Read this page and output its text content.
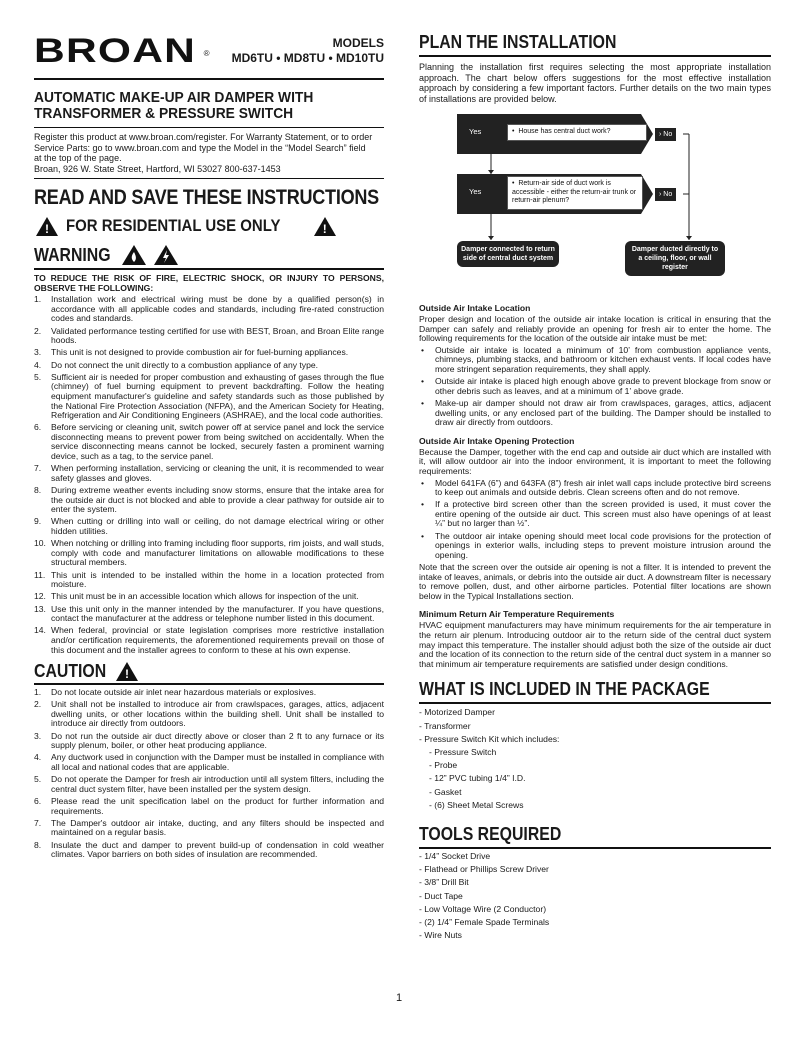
BROAN ®
MODELS
MD6TU • MD8TU • MD10TU
AUTOMATIC MAKE-UP AIR DAMPER WITH
TRANSFORMER & PRESSURE SWITCH
Register this product at www.broan.com/register. For Warranty Statement, or to order
Service Parts: go to www.broan.com and type the Model in the “Model Search” field
at the top of the page.
Broan, 926 W. State Street, Hartford, WI 53027 800-637-1453
READ AND SAVE THESE INSTRUCTIONS
!
FOR RESIDENTIAL USE ONLY
!
WARNING
TO REDUCE THE RISK OF FIRE, ELECTRIC SHOCK, OR INJURY TO PERSONS, OBSERVE THE FOLLOWING:
1. Installation work and electrical wiring must be done by a qualified person(s) in accordance with all applicable codes and standards, including fire-rated construction codes and standards.
2. Validated performance testing certified for use with BEST, Broan, and Broan Elite range hoods.
3. This unit is not designed to provide combustion air for fuel-burning appliances.
4. Do not connect the unit directly to a combustion appliance of any type.
5. Sufficient air is needed for proper combustion and exhausting of gases through the flue (chimney) of fuel burning equipment to prevent backdrafting. Follow the heating equipment manufacturer's guideline and safety standards such as those published by the National Fire Protection Association (NFPA), and the American Society for Heating, Refrigeration and Air Conditioning Engineers (ASHRAE), and the local code authorities.
6. Before servicing or cleaning unit, switch power off at service panel and lock the service disconnecting means to prevent power from being switched on accidentally. When the service disconnecting means cannot be locked, securely fasten a prominent warning device, such as a tag, to the service panel.
7. When performing installation, servicing or cleaning the unit, it is recommended to wear safety glasses and gloves.
8. During extreme weather events including snow storms, ensure that the intake area for the outside air duct is not blocked and able to provide a clear pathway for outside air to enter the system.
9. When cutting or drilling into wall or ceiling, do not damage electrical wiring or other hidden utilities.
10. When notching or drilling into framing including floor supports, rim joists, and wall studs, comply with code and manufacturer limitations on allowable modifications to these structural members.
11. This unit is intended to be installed within the home in a location protected from moisture.
12. This unit must be in an accessible location which allows for inspection of the unit.
13. Use this unit only in the manner intended by the manufacturer. If you have questions, contact the manufacturer at the address or telephone number listed in this document.
14. When federal, provincial or state legislation comprises more restrictive installation and/or certification requirements, the aforementioned requirements prevail on those of this document and the installer agrees to conform to these at his own expense.
CAUTION
!
1. Do not locate outside air inlet near hazardous materials or explosives.
2. Unit shall not be installed to introduce air from crawlspaces, garages, attics, adjacent dwelling units, or other locations within the building shell. Unit shall be installed to introduce air directly from outdoors.
3. Do not run the outside air duct directly above or closer than 2 ft to any furnace or its supply plenum, boiler, or other heat producing appliance.
4. Any ductwork used in conjunction with the Damper must be installed in compliance with all local and national codes that are applicable.
5. Do not operate the Damper for fresh air introduction until all system filters, including the central duct system filter, have been installed per the system design.
6. Please read the unit specification label on the product for further information and requirements.
7. The Damper's outdoor air intake, ducting, and any filters should be inspected and maintained on a regular basis.
8. Insulate the duct and damper to prevent build-up of condensation in cold weather climates. Vapor barriers on both sides of insulation are recommended.
PLAN THE INSTALLATION
Planning the installation first requires selecting the most appropriate installation approach. The chart below offers suggestions for the most effective installation approach by considering a few important factors. Further details on the two main types of installations are provided below.
Yes
Yes
•  House has central duct work?
•  Return-air side of duct work is accessible - either the return-air trunk or return-air plenum?
› No
› No
Damper connected to return side of central duct system
Damper ducted directly to a ceiling, floor, or wall register
Outside Air Intake Location
Proper design and location of the outside air intake location is critical in ensuring that the Damper can safely and reliably provide an opening for fresh air to enter the home. The following requirements for the location of the outside air intake must be met:
• Outside air intake is located a minimum of 10’ from combustion appliance vents, chimneys, plumbing stacks, and bathroom or kitchen exhaust vents. If local codes have more stringent separation requirements, they shall apply.
• Outside air intake is placed high enough above grade to prevent blockage from snow or other debris such as leaves, and at a minimum of 1’ above grade.
• Make-up air damper should not draw air from crawlspaces, garages, attics, adjacent dwelling units, or any enclosed part of the building. The Damper should be installed to draw air directly from outdoors.
Outside Air Intake Opening Protection
Because the Damper, together with the end cap and outside air duct which are installed with it, will allow outdoor air into the indoor environment, it is important to meet the following requirements:
• Model 641FA (6”) and 643FA (8”) fresh air inlet wall caps include protective bird screens to keep out animals and outside debris. Clean screens often and do not remove.
• If a protective bird screen other than the screen provided is used, it must cover the entire opening of the outside air duct. This screen must also have openings of at least ¼” but no larger than ½”.
• The outdoor air intake opening should meet local code provisions for the protection of openings in exterior walls, including steps to prevent moisture intrusion around the opening.
Note that the screen over the outside air opening is not a filter. It is intended to prevent the intake of leaves, animals, or debris into the outside air duct. A downstream filter is necessary to remove pollen, dust, and other airborne particles. Potential filter locations are shown below in the Typical Installations section.
Minimum Return Air Temperature Requirements
HVAC equipment manufacturers may have minimum requirements for the air temperature in the return air plenum. Introducing outdoor air to the return side of the central duct system may impact this temperature. The installer should adjust both the size of the outside air duct and the location of its connection to the return side of the central duct system in a manner so that minimum air temperature requirements are satisfied under design conditions.
WHAT IS INCLUDED IN THE PACKAGE
- Motorized Damper
- Transformer
- Pressure Switch Kit which includes:
- Pressure Switch
- Probe
- 12” PVC tubing 1/4” I.D.
- Gasket
- (6) Sheet Metal Screws
TOOLS REQUIRED
- 1/4” Socket Drive
- Flathead or Phillips Screw Driver
- 3/8” Drill Bit
- Duct Tape
- Low Voltage Wire (2 Conductor)
- (2) 1/4” Female Spade Terminals
- Wire Nuts
1
